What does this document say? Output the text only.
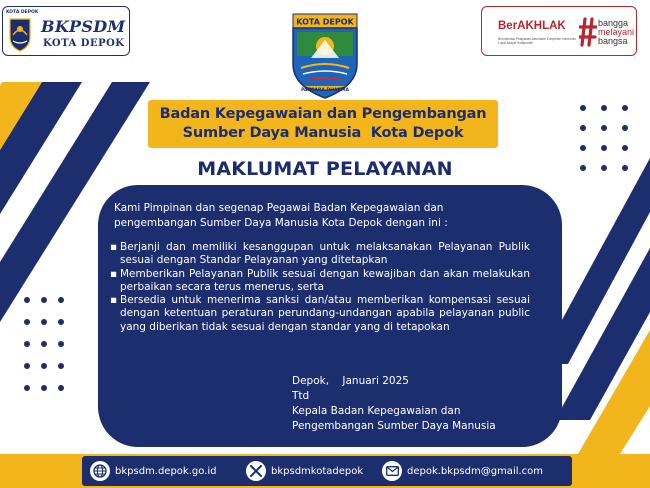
KOTA DEPOK
BKPSDM
KOTA DEPOK
KOTA DEPOK
PANCARA DHARMA
BerAKHLAK
Berorientasi Pelayanan Akuntabel Kompeten Harmonis Loyal Adaptif Kolaboratif
bangga
melayani
bangsa
Badan Kepegawaian dan Pengembangan
Sumber Daya Manusia  Kota Depok
MAKLUMAT PELAYANAN
Kami Pimpinan dan segenap Pegawai Badan Kepegawaian dan
pengembangan Sumber Daya Manusia Kota Depok dengan ini :
▪ Berjanji dan memiliki kesanggupan untuk melaksanakan Pelayanan Publik sesuai dengan Standar Pelayanan yang ditetapkan
▪ Memberikan Pelayanan Publik sesuai dengan kewajiban dan akan melakukan perbaikan secara terus menerus, serta
▪ Bersedia untuk menerima sanksi dan/atau memberikan kompensasi sesuai dengan ketentuan peraturan perundang-undangan apabila pelayanan public yang diberikan tidak sesuai dengan standar yang di tetapokan
Depok,    Januari 2025
Ttd
Kepala Badan Kepegawaian dan
Pengembangan Sumber Daya Manusia
bkpsdm.depok.go.id	bkpsdmkotadepok	depok.bkpsdm@gmail.com
